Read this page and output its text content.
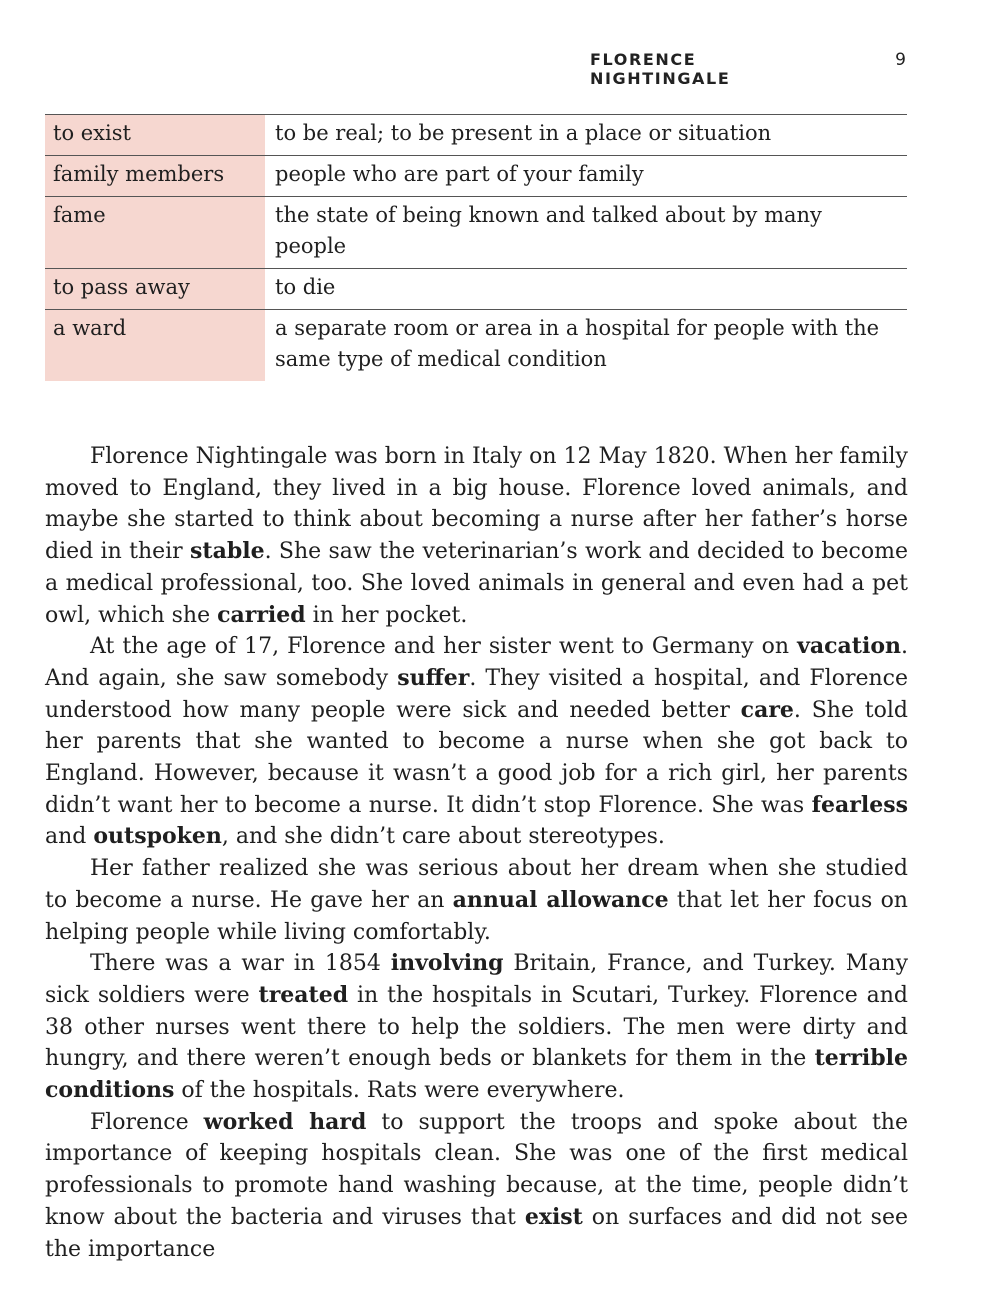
FLORENCE NIGHTINGALE
9
to exist	to be real; to be present in a place or situation
family members	people who are part of your family
fame	the state of being known and talked about by many people
to pass away	to die
a ward	a separate room or area in a hospital for people with the same type of medical condition

Florence Nightingale was born in Italy on 12 May 1820. When her family moved to England, they lived in a big house. Florence loved animals, and maybe she started to think about becoming a nurse after her father’s horse died in their stable. She saw the veterinarian’s work and decided to become a medical professional, too. She loved animals in general and even had a pet owl, which she carried in her pocket.

At the age of 17, Florence and her sister went to Germany on vacation. And again, she saw somebody suffer. They visited a hospital, and Florence understood how many people were sick and needed better care. She told her parents that she wanted to become a nurse when she got back to England. However, because it wasn’t a good job for a rich girl, her parents didn’t want her to become a nurse. It didn’t stop Florence. She was fearless and outspoken, and she didn’t care about stereotypes.

Her father realized she was serious about her dream when she studied to become a nurse. He gave her an annual allowance that let her focus on helping people while living comfortably.

There was a war in 1854 involving Britain, France, and Turkey. Many sick soldiers were treated in the hospitals in Scutari, Turkey. Florence and 38 other nurses went there to help the soldiers. The men were dirty and hungry, and there weren’t enough beds or blankets for them in the terrible conditions of the hospitals. Rats were everywhere.

Florence worked hard to support the troops and spoke about the importance of keeping hospitals clean. She was one of the first medical professionals to promote hand washing because, at the time, people didn’t know about the bacteria and viruses that exist on surfaces and did not see the importance
